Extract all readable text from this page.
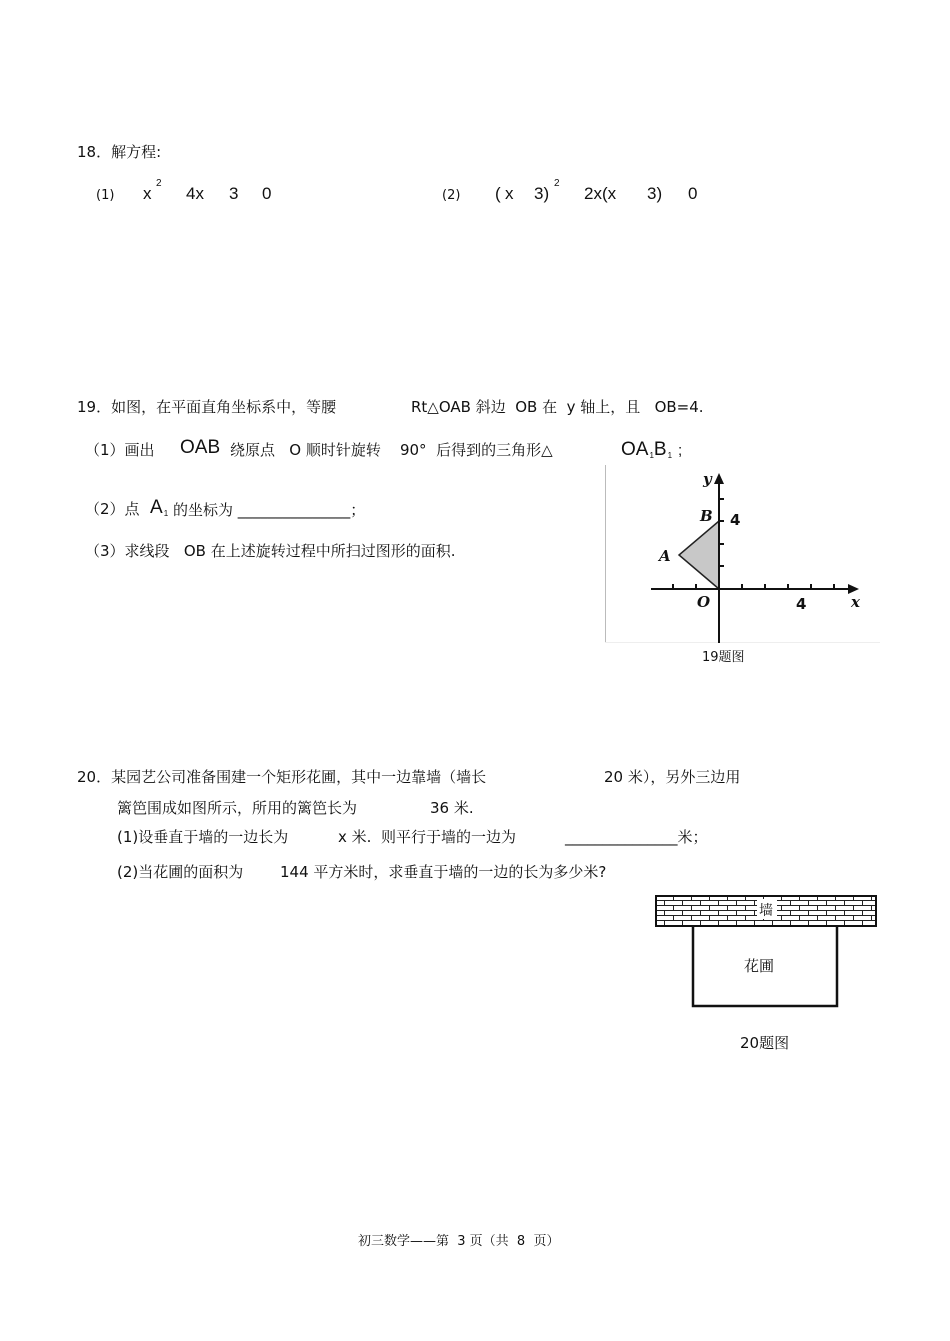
18．解方程:
(1) x
2
4x 3 0	(2) ( x 3)
2
2x(x 3) 0
19．如图，在平面直角坐标系中，等腰	Rt△OAB 斜边  OB 在  y 轴上，且   OB=4.
（1）画出 OAB 绕原点   O 顺时针旋转    90°  后得到的三角形△	$OA_1B_1$ ;
（2）点 $A_1$ 的坐标为 _______________；
（3）求线段   OB 在上述旋转过程中所扫过图形的面积.
y
x
B
A
O
4
4
19题图
20．某园艺公司准备围建一个矩形花圃，其中一边靠墙（墙长	20 米），另外三边用
篱笆围成如图所示，所用的篱笆长为	36 米.
(1)设垂直于墙的一边长为	x 米.  则平行于墙的一边为	_______________米；
(2)当花圃的面积为 144 平方米时，求垂直于墙的一边的长为多少米?
墙
花圃
20题图
初三数学——第  3 页（共  8  页）
